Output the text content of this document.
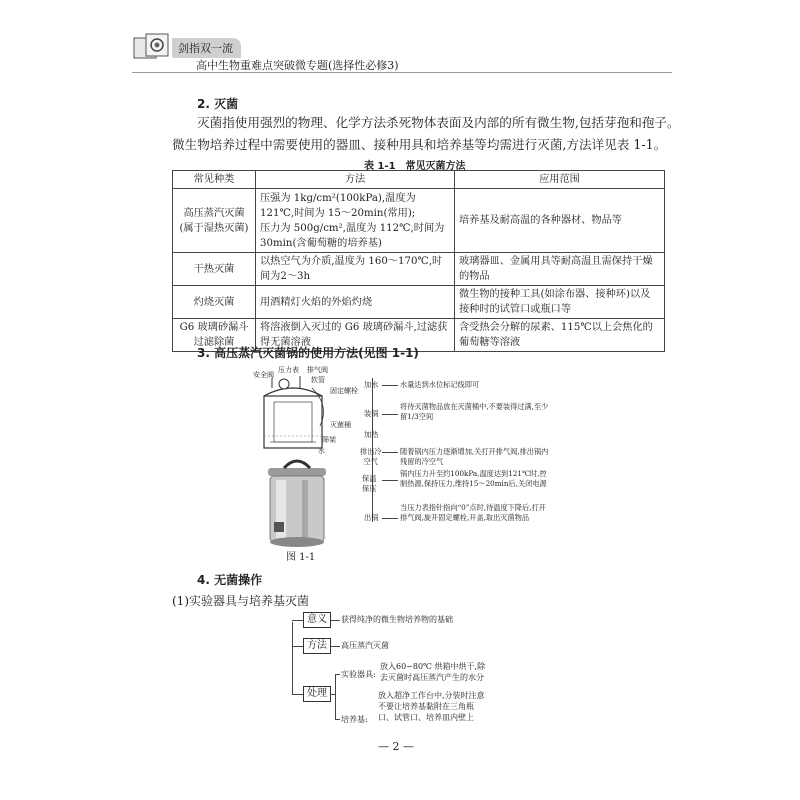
剑指双一流
高中生物重难点突破微专题(选择性必修3)
2. 灭菌
灭菌指使用强烈的物理、化学方法杀死物体表面及内部的所有微生物,包括芽孢和孢子。
微生物培养过程中需要使用的器皿、接种用具和培养基等均需进行灭菌,方法详见表 1-1。
表 1-1　常见灭菌方法
常见种类	方法	应用范围
高压蒸汽灭菌
(属于湿热灭菌)	压强为 1kg/cm²(100kPa),温度为 121℃,时间为 15～20min(常用);
压力为 500g/cm²,温度为 112℃,时间为 30min(含葡萄糖的培养基)	培养基及耐高温的各种器材、物品等
干热灭菌	以热空气为介质,温度为 160～170℃,时间为2～3h	玻璃器皿、金属用具等耐高温且需保持干燥的物品
灼烧灭菌	用酒精灯火焰的外焰灼烧	微生物的接种工具(如涂布器、接种环)以及接种时的试管口或瓶口等
G6 玻璃砂漏斗
过滤除菌	将溶液倒入灭过的 G6 玻璃砂漏斗,过滤获得无菌溶液	含受热会分解的尿素、115℃以上会焦化的葡萄糖等溶液
3. 高压蒸汽灭菌锅的使用方法(见图 1-1)
安全阀
压力表 排气阀
软管
固定螺栓
灭菌桶
筛架
水
图 1-1
加水	水量达到水位标记线即可
装锅
将待灭菌物品放在灭菌桶中,不要装得过满,至少留1/3空间
加热
排出冷
空气
随着锅内压力逐渐增加,关打开排气阀,排出锅内残留的冷空气
保温
保压
锅内压力升至约100kPa,温度达到121℃时,控制热源,保持压力,维持15～20min后,关闭电源
出锅
当压力表指针指向“0”点时,待温度下降后,打开排气阀,旋开固定螺栓,开盖,取出灭菌物品
4. 无菌操作
(1)实验器具与培养基灭菌
意义	获得纯净的微生物培养物的基础
方法	高压蒸汽灭菌
处理
实验器具:
放入60~80℃ 烘箱中烘干,除去灭菌时高压蒸汽产生的水分
培养基:
放入超净工作台中,分装时注意不要让培养基黏附在三角瓶口、试管口、培养皿内壁上
— 2 —
